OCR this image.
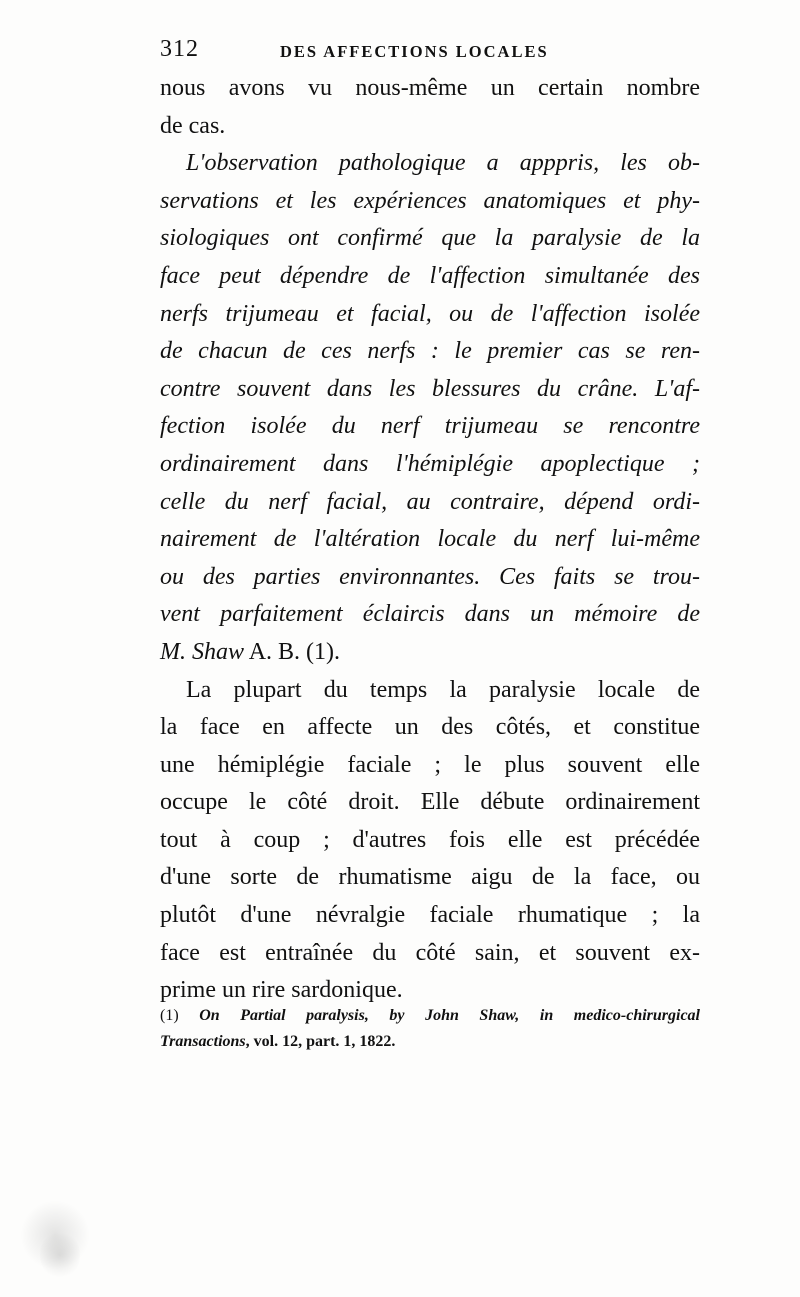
312	DES AFFECTIONS LOCALES
nous avons vu nous-même un certain nombre
de cas.
L'observation pathologique a apppris, les ob-
servations et les expériences anatomiques et phy-
siologiques ont confirmé que la paralysie de la
face peut dépendre de l'affection simultanée des
nerfs trijumeau et facial, ou de l'affection isolée
de chacun de ces nerfs : le premier cas se ren-
contre souvent dans les blessures du crâne. L'af-
fection isolée du nerf trijumeau se rencontre
ordinairement dans l'hémiplégie apoplectique ;
celle du nerf facial, au contraire, dépend ordi-
nairement de l'altération locale du nerf lui-même
ou des parties environnantes. Ces faits se trou-
vent parfaitement éclaircis dans un mémoire de
M. Shaw A. B. (1).
La plupart du temps la paralysie locale de
la face en affecte un des côtés, et constitue
une hémiplégie faciale ; le plus souvent elle
occupe le côté droit. Elle débute ordinairement
tout à coup ; d'autres fois elle est précédée
d'une sorte de rhumatisme aigu de la face, ou
plutôt d'une névralgie faciale rhumatique ; la
face est entraînée du côté sain, et souvent ex-
prime un rire sardonique.
(1) On Partial paralysis, by John Shaw, in medico-chirurgical
Transactions, vol. 12, part. 1, 1822.
